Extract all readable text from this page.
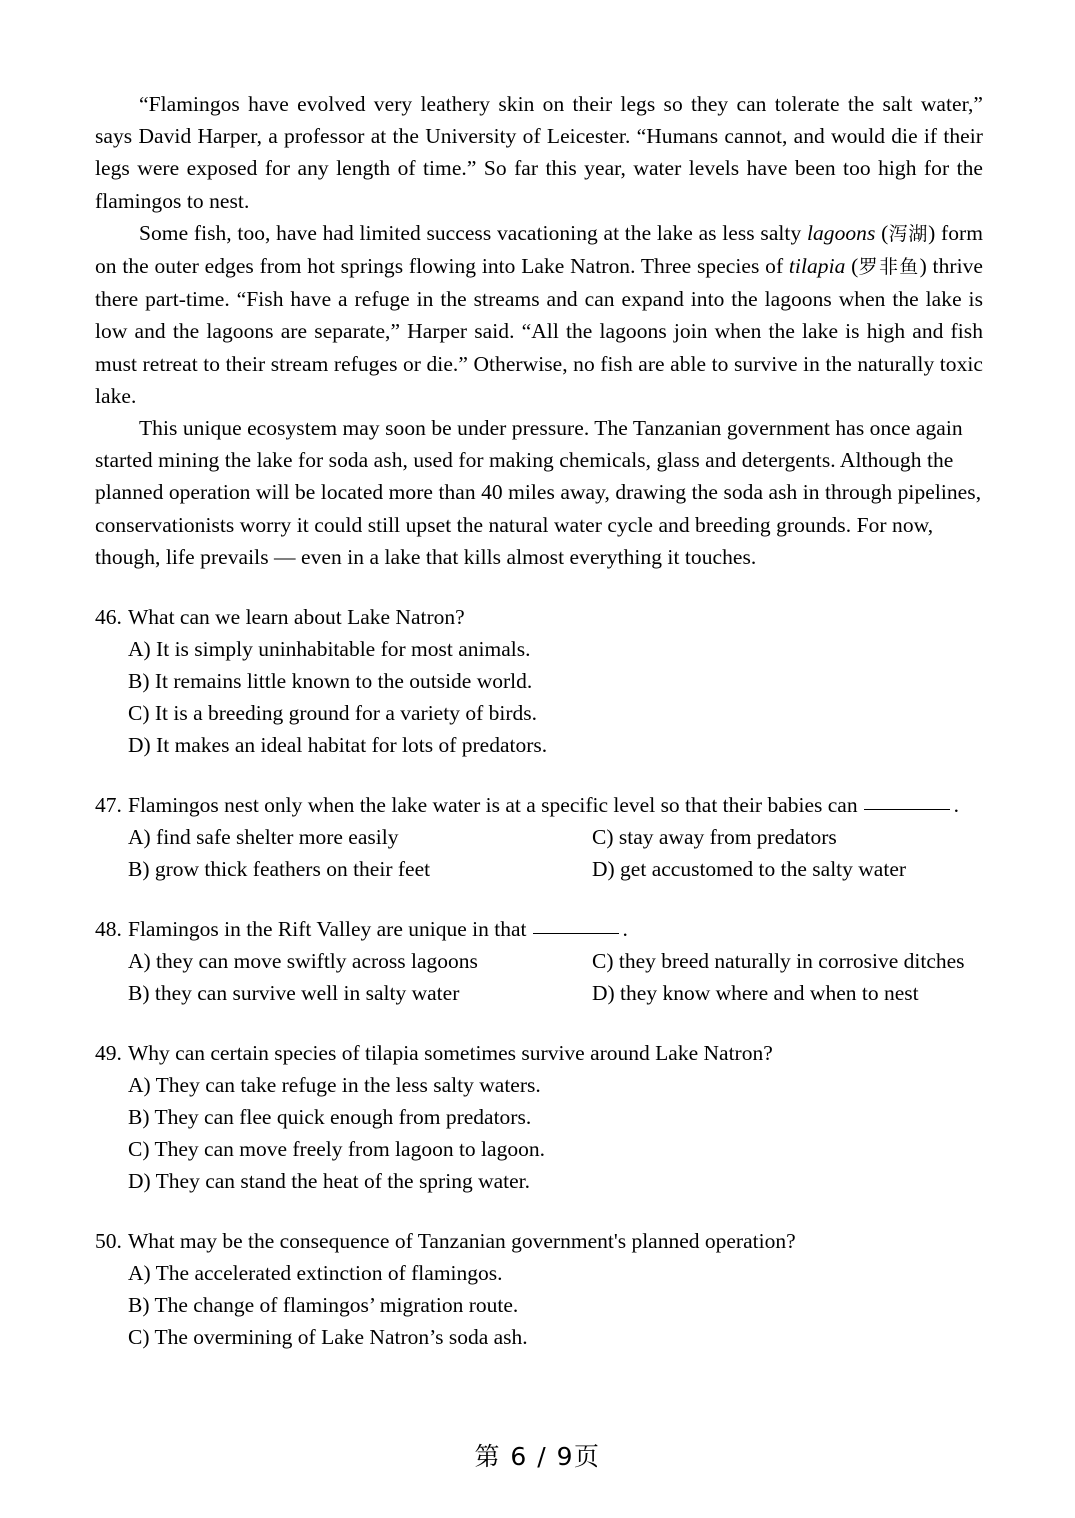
“Flamingos have evolved very leathery skin on their legs so they can tolerate the salt water,” says David Harper, a professor at the University of Leicester. “Humans cannot, and would die if their legs were exposed for any length of time.” So far this year, water levels have been too high for the flamingos to nest.

Some fish, too, have had limited success vacationing at the lake as less salty lagoons (泻湖) form on the outer edges from hot springs flowing into Lake Natron. Three species of tilapia (罗非鱼) thrive there part-time. “Fish have a refuge in the streams and can expand into the lagoons when the lake is low and the lagoons are separate,” Harper said. “All the lagoons join when the lake is high and fish must retreat to their stream refuges or die.” Otherwise, no fish are able to survive in the naturally toxic lake.

This unique ecosystem may soon be under pressure. The Tanzanian government has once again started mining the lake for soda ash, used for making chemicals, glass and detergents. Although the planned operation will be located more than 40 miles away, drawing the soda ash in through pipelines, conservationists worry it could still upset the natural water cycle and breeding grounds. For now, though, life prevails — even in a lake that kills almost everything it touches.

46. What can we learn about Lake Natron?
A) It is simply uninhabitable for most animals.
B) It remains little known to the outside world.
C) It is a breeding ground for a variety of birds.
D) It makes an ideal habitat for lots of predators.
47. Flamingos nest only when the lake water is at a specific level so that their babies can	.
A) find safe shelter more easily	C) stay away from predators
B) grow thick feathers on their feet	D) get accustomed to the salty water
48. Flamingos in the Rift Valley are unique in that	.
A) they can move swiftly across lagoons	C) they breed naturally in corrosive ditches
B) they can survive well in salty water	D) they know where and when to nest
49. Why can certain species of tilapia sometimes survive around Lake Natron?
A) They can take refuge in the less salty waters.
B) They can flee quick enough from predators.
C) They can move freely from lagoon to lagoon.
D) They can stand the heat of the spring water.
50. What may be the consequence of Tanzanian government's planned operation?
A) The accelerated extinction of flamingos.
B) The change of flamingos’ migration route.
C) The overmining of Lake Natron’s soda ash.
第 6 / 9页
